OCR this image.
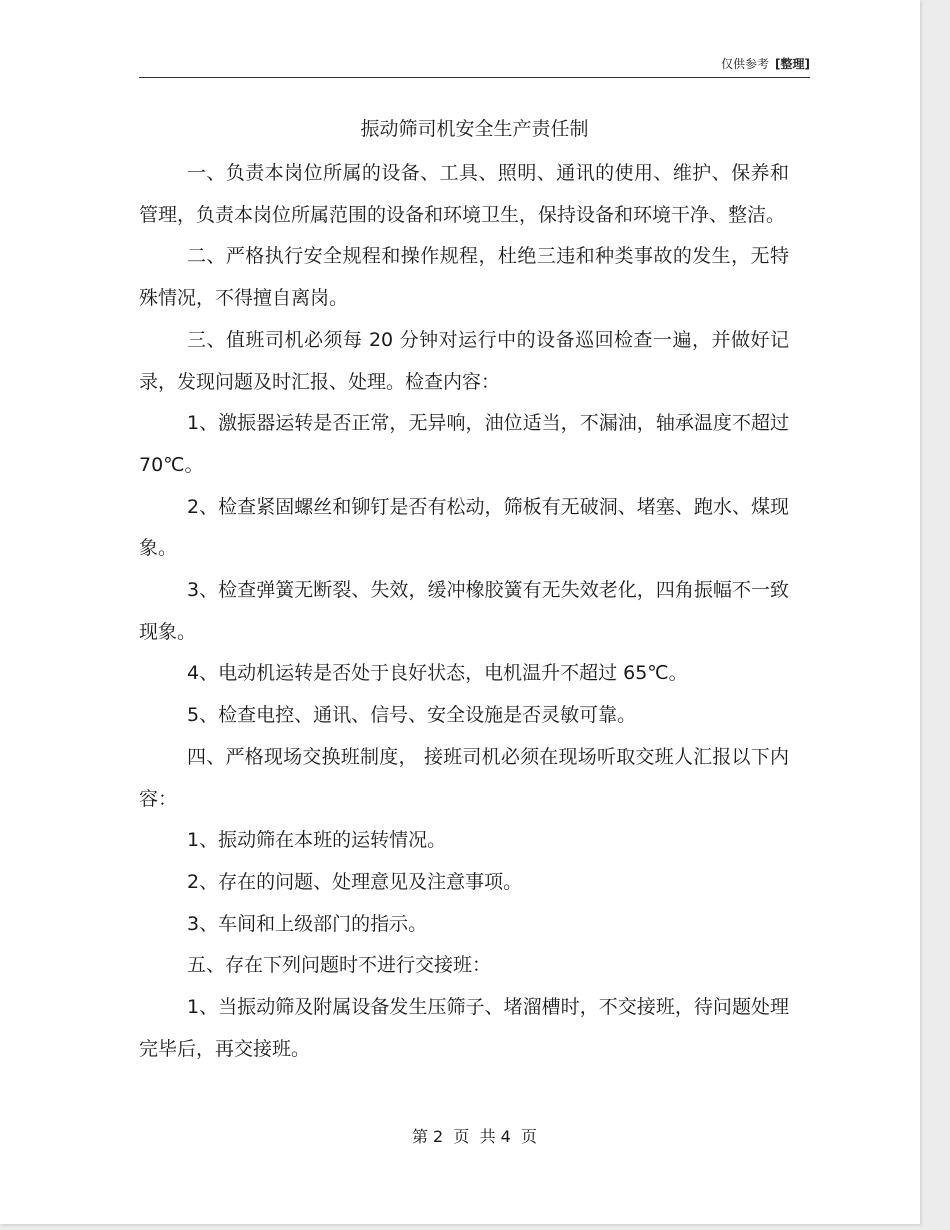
仅供参考 [整理]
振动筛司机安全生产责任制

一、负责本岗位所属的设备、工具、照明、通讯的使用、维护、保养和管理，负责本岗位所属范围的设备和环境卫生，保持设备和环境干净、整洁。

二、严格执行安全规程和操作规程，杜绝三违和种类事故的发生，无特殊情况，不得擅自离岗。

三、值班司机必须每 20 分钟对运行中的设备巡回检查一遍，并做好记录，发现问题及时汇报、处理。检查内容：

1、激振器运转是否正常，无异响，油位适当，不漏油，轴承温度不超过 70℃。

2、检查紧固螺丝和铆钉是否有松动，筛板有无破洞、堵塞、跑水、煤现象。

3、检查弹簧无断裂、失效，缓冲橡胶簧有无失效老化，四角振幅不一致现象。

4、电动机运转是否处于良好状态，电机温升不超过 65℃。

5、检查电控、通讯、信号、安全设施是否灵敏可靠。

四、严格现场交换班制度， 接班司机必须在现场听取交班人汇报以下内容：

1、振动筛在本班的运转情况。

2、存在的问题、处理意见及注意事项。

3、车间和上级部门的指示。

五、存在下列问题时不进行交接班：

1、当振动筛及附属设备发生压筛子、堵溜槽时，不交接班，待问题处理完毕后，再交接班。

第 2  页  共 4  页
